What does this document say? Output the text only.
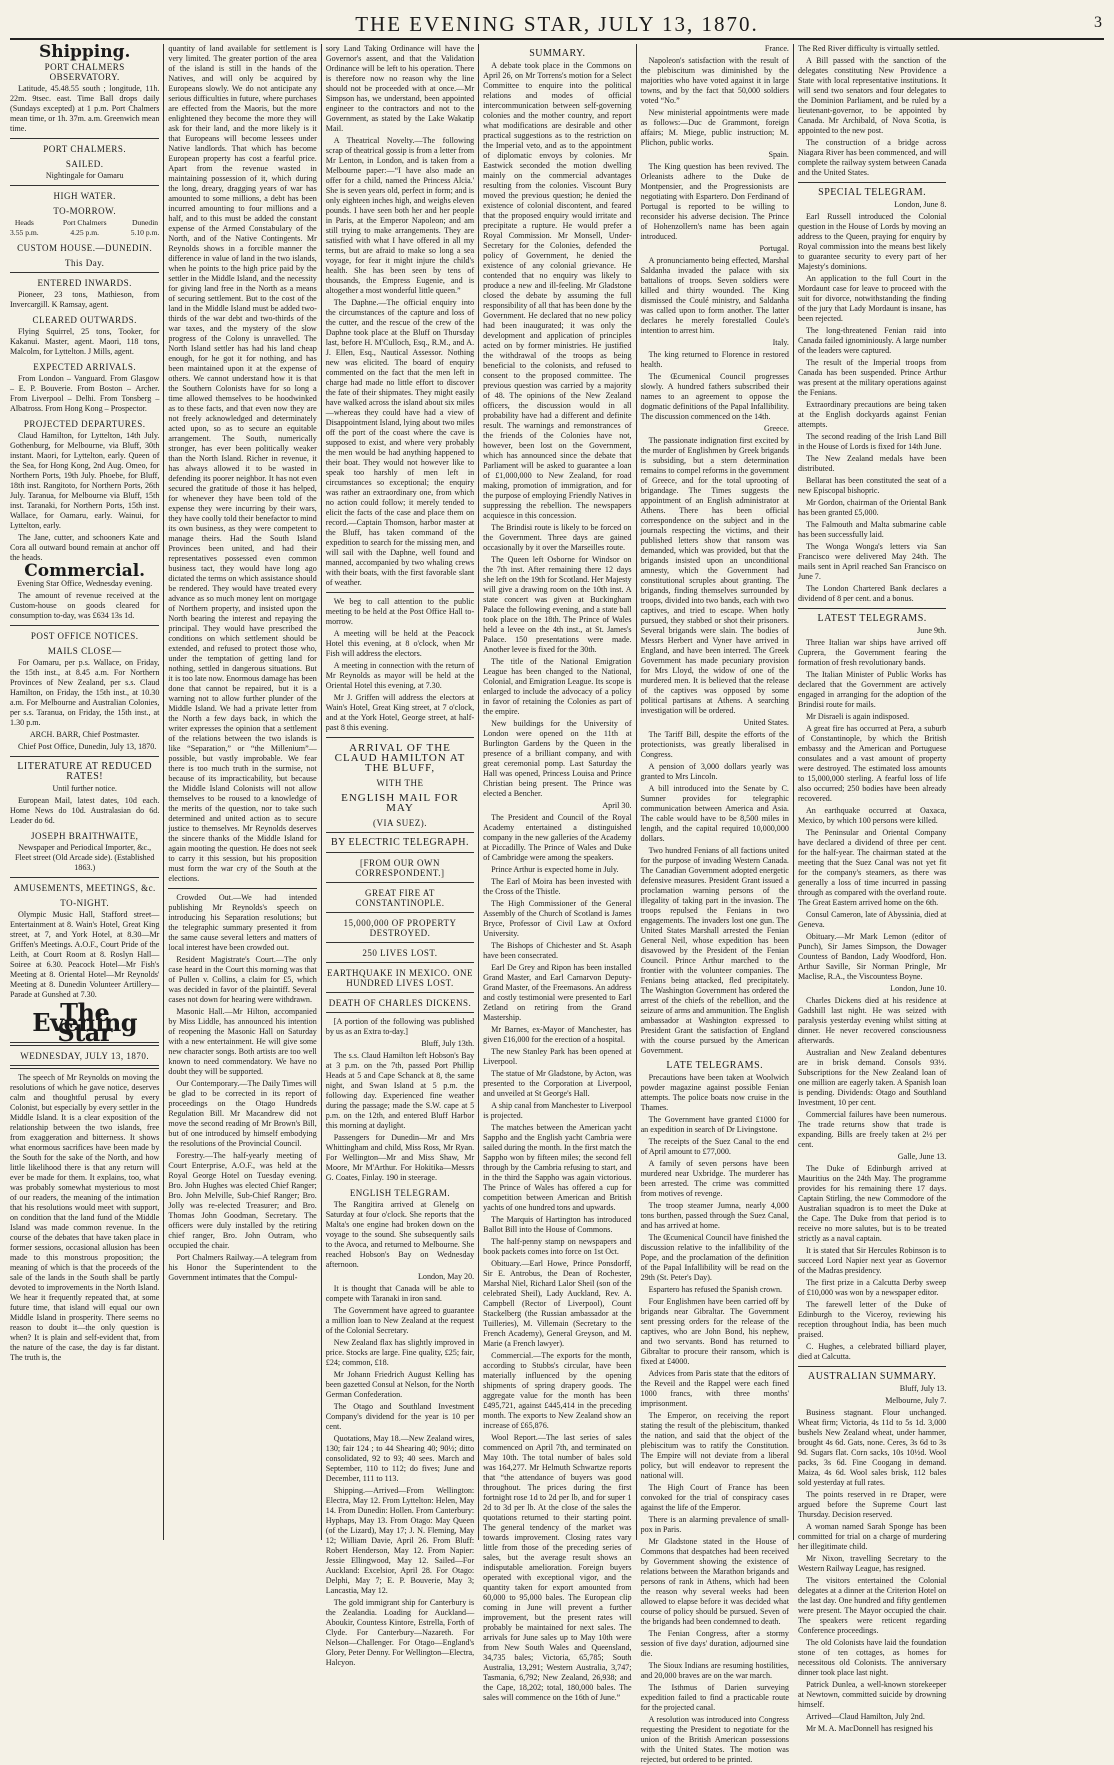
THE EVENING STAR, JULY 13, 1870.	3
Shipping.
PORT CHALMERS OBSERVATORY.

Latitude, 45.48.55 south ; longitude, 11h. 22m. 9tsec. east. Time Ball drops daily (Sundays excepted) at 1 p.m. Port Chalmers mean time, or 1h. 37m. a.m. Greenwich mean time.

PORT CHALMERS.
SAILED.

Nightingale for Oamaru

HIGH WATER.
TO-MORROW.
Heads
3.55 p.m.
Port Chalmers
4.25 p.m.
Dunedin
5.10 p.m.
CUSTOM HOUSE.—DUNEDIN.
This Day.
ENTERED INWARDS.

Pioneer, 23 tons, Mathieson, from Invercargill. K Ramsay, agent.

CLEARED OUTWARDS.

Flying Squirrel, 25 tons, Tooker, for Kakanui. Master, agent. Maori, 118 tons, Malcolm, for Lyttelton. J Mills, agent.

EXPECTED ARRIVALS.

From London – Vanguard. From Glasgow – E. P. Bouverie. From Boston – Archer. From Liverpool – Delhi. From Tonsberg – Albatross. From Hong Kong – Prospector.

PROJECTED DEPARTURES.

Claud Hamilton, for Lyttelton, 14th July. Gothenburg, for Melbourne, via Bluff, 30th instant. Maori, for Lyttelton, early. Queen of the Sea, for Hong Kong, 2nd Aug. Omeo, for Northern Ports, 19th July. Phoebe, for Bluff, 18th inst. Rangitoto, for Northern Ports, 26th July. Taranua, for Melbourne via Bluff, 15th inst. Taranaki, for Northern Ports, 15th inst. Wallace, for Oamaru, early. Wainui, for Lyttelton, early.

The Jane, cutter, and schooners Kate and Cora all outward bound remain at anchor off the heads.

Commercial.

Evening Star Office, Wednesday evening.

The amount of revenue received at the Custom-house on goods cleared for consumption to-day, was £634 13s 1d.

POST OFFICE NOTICES.
MAILS CLOSE—

For Oamaru, per p.s. Wallace, on Friday, the 15th inst., at 8.45 a.m. For Northern Provinces of New Zealand, per s.s. Claud Hamilton, on Friday, the 15th inst., at 10.30 a.m. For Melbourne and Australian Colonies, per s.s. Taranua, on Friday, the 15th inst., at 1.30 p.m.

ARCH. BARR, Chief Postmaster.

Chief Post Office, Dunedin, July 13, 1870.

LITERATURE AT REDUCED RATES!

Until further notice.

European Mail, latest dates, 10d each. Home News do 10d. Australasian do 6d. Leader do 6d.

JOSEPH BRAITHWAITE,

Newspaper and Periodical Importer, &c., Fleet street (Old Arcade side). (Established 1863.)

AMUSEMENTS, MEETINGS, &c.
TO-NIGHT.

Olympic Music Hall, Stafford street—Entertainment at 8. Wain's Hotel, Great King street, at 7, and York Hotel, at 8.30—Mr Griffen's Meetings. A.O.F., Court Pride of the Leith, at Court Room at 8. Roslyn Hall—Soiree at 6.30. Peacock Hotel—Mr Fish's Meeting at 8. Oriental Hotel—Mr Reynolds' Meeting at 8. Dunedin Volunteer Artillery—Parade at Gunshed at 7.30.

The Evening Star
WEDNESDAY, JULY 13, 1870.

The speech of Mr Reynolds on moving the resolutions of which he gave notice, deserves calm and thoughtful perusal by every Colonist, but especially by every settler in the Middle Island. It is a clear exposition of the relationship between the two islands, free from exaggeration and bitterness. It shows what enormous sacrifices have been made by the South for the sake of the North, and how little likelihood there is that any return will ever be made for them. It explains, too, what was probably somewhat mysterious to most of our readers, the meaning of the intimation that his resolutions would meet with support, on condition that the land fund of the Middle Island was made common revenue. In the course of the debates that have taken place in former sessions, occasional allusion has been made to this monstrous proposition; the meaning of which is that the proceeds of the sale of the lands in the South shall be partly devoted to improvements in the North Island. We hear it frequently repeated that, at some future time, that island will equal our own Middle Island in prosperity. There seems no reason to doubt it—the only question is when? It is plain and self-evident that, from the nature of the case, the day is far distant. The truth is, the

quantity of land available for settlement is very limited. The greater portion of the area of the island is still in the hands of the Natives, and will only be acquired by Europeans slowly. We do not anticipate any serious difficulties in future, where purchases are effected from the Maoris, but the more enlightened they become the more they will ask for their land, and the more likely is it that Europeans will become lessees under Native landlords. That which has become European property has cost a fearful price. Apart from the revenue wasted in maintaining possession of it, which during the long, dreary, dragging years of war has amounted to some millions, a debt has been incurred amounting to four millions and a half, and to this must be added the constant expense of the Armed Constabulary of the North, and of the Native Contingents. Mr Reynolds shows in a forcible manner the difference in value of land in the two islands, when he points to the high price paid by the settler in the Middle Island, and the necessity for giving land free in the North as a means of securing settlement. But to the cost of the land in the Middle Island must be added two-thirds of the war debt and two-thirds of the war taxes, and the mystery of the slow progress of the Colony is unravelled. The North Island settler has had his land cheap enough, for he got it for nothing, and has been maintained upon it at the expense of others. We cannot understand how it is that the Southern Colonists have for so long a time allowed themselves to be hoodwinked as to these facts, and that even now they are not freely acknowledged and determinately acted upon, so as to secure an equitable arrangement. The South, numerically stronger, has ever been politically weaker than the North Island. Richer in revenue, it has always allowed it to be wasted in defending its poorer neighbor. It has not even secured the gratitude of those it has helped, for whenever they have been told of the expense they were incurring by their wars, they have coolly told their benefactor to mind its own business, as they were competent to manage theirs. Had the South Island Provinces been united, and had their representatives possessed even common business tact, they would have long ago dictated the terms on which assistance should be rendered. They would have treated every advance as so much money lent on mortgage of Northern property, and insisted upon the North bearing the interest and repaying the principal. They would have prescribed the conditions on which settlement should be extended, and refused to protect those who, under the temptation of getting land for nothing, settled in dangerous situations. But it is too late now. Enormous damage has been done that cannot be repaired, but it is a warning not to allow further plunder of the Middle Island. We had a private letter from the North a few days back, in which the writer expresses the opinion that a settlement of the relations between the two islands is like “Separation,” or “the Millenium”—possible, but vastly improbable. We fear there is too much truth in the surmise, not because of its impracticability, but because the Middle Island Colonists will not allow themselves to be roused to a knowledge of the merits of the question, nor to take such determined and united action as to secure justice to themselves. Mr Reynolds deserves the sincere thanks of the Middle Island for again mooting the question. He does not seek to carry it this session, but his proposition must form the war cry of the South at the elections.

Crowded Out.—We had intended publishing Mr Reynolds's speech on introducing his Separation resolutions; but the telegraphic summary presented it from the same cause several letters and matters of local interest have been crowded out.

Resident Magistrate's Court.—The only case heard in the Court this morning was that of Pullen v. Collins, a claim for £5, which was decided in favor of the plaintiff. Several cases not down for hearing were withdrawn.

Masonic Hall.—Mr Hilton, accompanied by Miss Liddle, has announced his intention of reopening the Masonic Hall on Saturday with a new entertainment. He will give some new character songs. Both artists are too well known to need commendatory. We have no doubt they will be supported.

Our Contemporary.—The Daily Times will be glad to be corrected in its report of proceedings on the Otago Hundreds Regulation Bill. Mr Macandrew did not move the second reading of Mr Brown's Bill, but of one introduced by himself embodying the resolutions of the Provincial Council.

Forestry.—The half-yearly meeting of Court Enterprise, A.O.F., was held at the Royal George Hotel on Tuesday evening. Bro. John Hughes was elected Chief Ranger; Bro. John Melville, Sub-Chief Ranger; Bro. Jolly was re-elected Treasurer; and Bro. Thomas John Goodman, Secretary. The officers were duly installed by the retiring chief ranger, Bro. John Outram, who occupied the chair.

Port Chalmers Railway.—A telegram from his Honor the Superintendent to the Government intimates that the Compul-

sory Land Taking Ordinance will have the Governor's assent, and that the Validation Ordinance will be left to his operation. There is therefore now no reason why the line should not be proceeded with at once.—Mr Simpson has, we understand, been appointed engineer to the contractors and not to the Government, as stated by the Lake Wakatip Mail.

A Theatrical Novelty.—The following scrap of theatrical gossip is from a letter from Mr Lenton, in London, and is taken from a Melbourne paper:—“I have also made an offer for a child, named the Princess Alcia.' She is seven years old, perfect in form; and is only eighteen inches high, and weighs eleven pounds. I have seen both her and her people in Paris, at the Emperor Napoleon; and am still trying to make arrangements. They are satisfied with what I have offered in all my terms, but are afraid to make so long a sea voyage, for fear it might injure the child's health. She has been seen by tens of thousands, the Empress Eugenie, and is altogether a most wonderful little queen.”

The Daphne.—The official enquiry into the circumstances of the capture and loss of the cutter, and the rescue of the crew of the Daphne took place at the Bluff on Thursday last, before H. M'Culloch, Esq., R.M., and A. J. Ellen, Esq., Nautical Assessor. Nothing new was elicited. The board of enquiry commented on the fact that the men left in charge had made no little effort to discover the fate of their shipmates. They might easily have walked across the island about six miles—whereas they could have had a view of Disappointment Island, lying about two miles off the port of the coast where the cave is supposed to exist, and where very probably the men would be had anything happened to their boat. They would not however like to speak too harshly of men left in circumstances so exceptional; the enquiry was rather an extraordinary one, from which no action could follow; it merely tended to elicit the facts of the case and place them on record.—Captain Thomson, harbor master at the Bluff, has taken command of the expedition to search for the missing men, and will sail with the Daphne, well found and manned, accompanied by two whaling crews with their boats, with the first favorable slant of weather.

We beg to call attention to the public meeting to be held at the Post Office Hall to-morrow.

A meeting will be held at the Peacock Hotel this evening, at 8 o'clock, when Mr Fish will address the electors.

A meeting in connection with the return of Mr Reynolds as mayor will be held at the Oriental Hotel this evening, at 7.30.

Mr J. Griffen will address the electors at Wain's Hotel, Great King street, at 7 o'clock, and at the York Hotel, George street, at half-past 8 this evening.

ARRIVAL OF THE CLAUD HAMILTON AT THE BLUFF,
WITH THE
ENGLISH MAIL FOR MAY
(VIA SUEZ).
BY ELECTRIC TELEGRAPH.
[FROM OUR OWN CORRESPONDENT.]
GREAT FIRE AT CONSTANTINOPLE.
15,000,000 OF PROPERTY DESTROYED.
250 LIVES LOST.
EARTHQUAKE IN MEXICO. ONE HUNDRED LIVES LOST.
DEATH OF CHARLES DICKENS.

[A portion of the following was published by us as an Extra to-day.]

Bluff, July 13th.

The s.s. Claud Hamilton left Hobson's Bay at 3 p.m. on the 7th, passed Port Phillip Heads at 5 and Cape Schanck at 8, the same night, and Swan Island at 5 p.m. the following day. Experienced fine weather during the passage; made the S.W. cape at 5 p.m. on the 12th, and entered Bluff Harbor this morning at daylight.

Passengers for Dunedin—Mr and Mrs Whittingham and child, Miss Ross, Mr Ryan. For Wellington—Mr and Miss Shaw, Mr Moore, Mr M'Arthur. For Hokitika—Messrs G. Coates, Finlay. 190 in steerage.

ENGLISH TELEGRAM.

The Rangitira arrived at Glenelg on Saturday at four o'clock. She reports that the Malta's one engine had broken down on the voyage to the sound. She subsequently sails to the Avoca, and returned to Melbourne. She reached Hobson's Bay on Wednesday afternoon.

London, May 20.

It is thought that Canada will be able to compete with Taranaki in iron sand.

The Government have agreed to guarantee a million loan to New Zealand at the request of the Colonial Secretary.

New Zealand flax has slightly improved in price. Stocks are large. Fine quality, £25; fair, £24; common, £18.

Mr Johann Friedrich August Kelling has been gazetted Consul at Nelson, for the North German Confederation.

The Otago and Southland Investment Company's dividend for the year is 10 per cent.

Quotations, May 18.—New Zealand wires, 130; fair 124 ; to 44 Shearing 40; 90½; ditto consolidated, 92 to 93; 40 sees. March and September, 110 to 112; do fives; June and December, 111 to 113.

Shipping.—Arrived—From Wellington: Electra, May 12. From Lyttelton: Helen, May 14. From Dunedin: Hollen. From Canterbury: Hyphaps, May 13. From Otago: May Queen (of the Lizard), May 17; J. N. Fleming, May 12; William Davie, April 26. From Bluff: Robert Henderson, May 12. From Napier: Jessie Ellingwood, May 12. Sailed—For Auckland: Excelsior, April 28. For Otago: Delphi, May 7; E. P. Bouverie, May 3; Lancastia, May 12.

The gold immigrant ship for Canterbury is the Zealandia. Loading for Auckland—Aboukir, Countess Kintore, Estrella, Forth of Clyde. For Canterbury—Nazareth. For Nelson—Challenger. For Otago—England's Glory, Peter Denny. For Wellington—Electra, Halcyon.

SUMMARY.

A debate took place in the Commons on April 26, on Mr Torrens's motion for a Select Committee to enquire into the political relations and modes of official intercommunication between self-governing colonies and the mother country, and report what modifications are desirable and other practical suggestions as to the restriction on the Imperial veto, and as to the appointment of diplomatic envoys by colonies. Mr Eastwick seconded the motion dwelling mainly on the commercial advantages resulting from the colonies. Viscount Bury moved the previous question; he denied the existence of colonial discontent, and feared that the proposed enquiry would irritate and precipitate a rupture. He would prefer a Royal Commission. Mr Monsell, Under-Secretary for the Colonies, defended the policy of Government, he denied the existence of any colonial grievance. He contended that no enquiry was likely to produce a new and ill-feeling. Mr Gladstone closed the debate by assuming the full responsibility of all that has been done by the Government. He declared that no new policy had been inaugurated; it was only the development and application of principles acted on by former ministries. He justified the withdrawal of the troops as being beneficial to the colonists, and refused to consent to the proposed committee. The previous question was carried by a majority of 48. The opinions of the New Zealand officers, the discussion would in all probability have had a different and definite result. The warnings and remonstrances of the friends of the Colonies have not, however, been lost on the Government, which has announced since the debate that Parliament will be asked to guarantee a loan of £1,000,000 to New Zealand, for road making, promotion of immigration, and for the purpose of employing Friendly Natives in suppressing the rebellion. The newspapers acquiesce in this concession.

The Brindisi route is likely to be forced on the Government. Three days are gained occasionally by it over the Marseilles route.

The Queen left Osborne for Windsor on the 7th inst. After remaining there 12 days she left on the 19th for Scotland. Her Majesty will give a drawing room on the 10th inst. A state concert was given at Buckingham Palace the following evening, and a state ball took place on the 18th. The Prince of Wales held a levee on the 4th inst., at St. James's Palace. 150 presentations were made. Another levee is fixed for the 30th.

The title of the National Emigration League has been changed to the National, Colonial, and Emigration League. Its scope is enlarged to include the advocacy of a policy in favor of retaining the Colonies as part of the empire.

New buildings for the University of London were opened on the 11th at Burlington Gardens by the Queen in the presence of a brilliant company, and with great ceremonial pomp. Last Saturday the Hall was opened, Princess Louisa and Prince Christian being present. The Prince was elected a Bencher.

April 30.

The President and Council of the Royal Academy entertained a distinguished company in the new galleries of the Academy at Piccadilly. The Prince of Wales and Duke of Cambridge were among the speakers.

Prince Arthur is expected home in July.

The Earl of Moira has been invested with the Cross of the Thistle.

The High Commissioner of the General Assembly of the Church of Scotland is James Bryce, Professor of Civil Law at Oxford University.

The Bishops of Chichester and St. Asaph have been consecrated.

Earl De Grey and Ripon has been installed Grand Master, and Earl Carnarvon Deputy-Grand Master, of the Freemasons. An address and costly testimonial were presented to Earl Zetland on retiring from the Grand Mastership.

Mr Barnes, ex-Mayor of Manchester, has given £16,000 for the erection of a hospital.

The new Stanley Park has been opened at Liverpool.

The statue of Mr Gladstone, by Acton, was presented to the Corporation at Liverpool, and unveiled at St George's Hall.

A ship canal from Manchester to Liverpool is projected.

The matches between the American yacht Sappho and the English yacht Cambria were sailed during the month. In the first match the Sappho won by fifteen miles; the second fell through by the Cambria refusing to start, and in the third the Sappho was again victorious. The Prince of Wales has offered a cup for competition between American and British yachts of one hundred tons and upwards.

The Marquis of Hartington has introduced Ballot Bill into the House of Commons.

The half-penny stamp on newspapers and book packets comes into force on 1st Oct.

Obituary.—Earl Howe, Prince Ponsdorff, Sir E. Antrobus, the Dean of Rochester, Marshal Niel, Richard Lalor Sheil (son of the celebrated Sheil), Lady Auckland, Rev. A. Campbell (Rector of Liverpool), Count Stackelberg (the Russian ambassador at the Tuilleries), M. Villemain (Secretary to the French Academy), General Greyson, and M. Marie (a French lawyer).

Commercial.—The exports for the month, according to Stubbs's circular, have been materially influenced by the opening shipments of spring drapery goods. The aggregate value for the month has been £495,721, against £445,414 in the preceding month. The exports to New Zealand show an increase of £65,876.

Wool Report.—The last series of sales commenced on April 7th, and terminated on May 10th. The total number of bales sold was 164,277. Mr Helmuth Schwartze reports that “the attendance of buyers was good throughout. The prices during the first fortnight rose 1d to 2d per lb, and for super 1 2d to 3d per lb. At the close of the sales the quotations returned to their starting point. The general tendency of the market was towards improvement. Closing rates vary little from those of the preceding series of sales, but the average result shows an indisputable amelioration. Foreign buyers operated with exceptional vigor, and the quantity taken for export amounted from 60,000 to 95,000 bales. The European clip coming in June will prevent a further improvement, but the present rates will probably be maintained for next sales. The arrivals for June sales up to May 10th were from New South Wales and Queensland, 34,735 bales; Victoria, 65,785; South Australia, 13,291; Western Australia, 3,747; Tasmania, 6,792; New Zealand, 26,938; and the Cape, 18,202; total, 180,000 bales. The sales will commence on the 16th of June.”

France.

Napoleon's satisfaction with the result of the plebiscitum was diminished by the majorities who have voted against it in large towns, and by the fact that 50,000 soldiers voted “No.”

New ministerial appointments were made as follows:—Duc de Grammont, foreign affairs; M. Miege, public instruction; M. Plichon, public works.

Spain.

The King question has been revived. The Orleanists adhere to the Duke de Montpensier, and the Progressionists are negotiating with Espartero. Don Ferdinand of Portugal is reported to be willing to reconsider his adverse decision. The Prince of Hohenzollern's name has been again introduced.

Portugal.

A pronunciamento being effected, Marshal Saldanha invaded the palace with six battalions of troops. Seven soldiers were killed and thirty wounded. The King dismissed the Coulé ministry, and Saldanha was called upon to form another. The latter declares he merely forestalled Coule's intention to arrest him.

Italy.

The king returned to Florence in restored health.

The Œcumenical Council progresses slowly. A hundred fathers subscribed their names to an agreement to oppose the dogmatic definitions of the Papal Infallibility. The discussion commenced on the 14th.

Greece.

The passionate indignation first excited by the murder of Englishmen by Greek brigands is subsiding, but a stern determination remains to compel reforms in the government of Greece, and for the total uprooting of brigandage. The Times suggests the appointment of an English administrator at Athens. There has been official correspondence on the subject and in the journals respecting the victims, and their published letters show that ransom was demanded, which was provided, but that the brigands insisted upon an unconditional amnesty, which the Government had constitutional scruples about granting. The brigands, finding themselves surrounded by troops, divided into two bands, each with two captives, and tried to escape. When hotly pursued, they stabbed or shot their prisoners. Several brigands were slain. The bodies of Messrs Herbert and Vyner have arrived in England, and have been interred. The Greek Government has made pecuniary provision for Mrs Lloyd, the widow of one of the murdered men. It is believed that the release of the captives was opposed by some political partisans at Athens. A searching investigation will be ordered.

United States.

The Tariff Bill, despite the efforts of the protectionists, was greatly liberalised in Congress.

A pension of 3,000 dollars yearly was granted to Mrs Lincoln.

A bill introduced into the Senate by C. Sumner provides for telegraphic communication between America and Asia. The cable would have to be 8,500 miles in length, and the capital required 10,000,000 dollars.

Two hundred Fenians of all factions united for the purpose of invading Western Canada. The Canadian Government adopted energetic defensive measures. President Grant issued a proclamation warning persons of the illegality of taking part in the invasion. The troops repulsed the Fenians in two engagements. The invaders lost one gun. The United States Marshall arrested the Fenian General Neil, whose expedition has been disavowed by the President of the Fenian Council. Prince Arthur marched to the frontier with the volunteer companies. The Fenians being attacked, fled precipitately. The Washington Government has ordered the arrest of the chiefs of the rebellion, and the seizure of arms and ammunition. The English ambassador at Washington expressed to President Grant the satisfaction of England with the course pursued by the American Government.

LATE TELEGRAMS.

Precautions have been taken at Woolwich powder magazine against possible Fenian attempts. The police boats now cruise in the Thames.

The Government have granted £1000 for an expedition in search of Dr Livingstone.

The receipts of the Suez Canal to the end of April amount to £77,000.

A family of seven persons have been murdered near Uxbridge. The murderer has been arrested. The crime was committed from motives of revenge.

The troop steamer Jumna, nearly 4,000 tons burthen, passed through the Suez Canal, and has arrived at home.

The Œcumenical Council have finished the discussion relative to the infallibility of the Pope, and the proclamation of the definition of the Papal Infallibility will be read on the 29th (St. Peter's Day).

Espartero has refused the Spanish crown.

Four Englishmen have been carried off by brigands near Gibraltar. The Government sent pressing orders for the release of the captives, who are John Bond, his nephew, and two servants. Bond has returned to Gibraltar to procure their ransom, which is fixed at £4000.

Advices from Paris state that the editors of the Reveil and the Rappel were each fined 1000 francs, with three months' imprisonment.

The Emperor, on receiving the report stating the result of the plebiscitum, thanked the nation, and said that the object of the plebiscitum was to ratify the Constitution. The Empire will not deviate from a liberal policy, but will endeavor to represent the national will.

The High Court of France has been convoked for the trial of conspiracy cases against the life of the Emperor.

There is an alarming prevalence of small-pox in Paris.

Mr Gladstone stated in the House of Commons that despatches had been received by Government showing the existence of relations between the Marathon brigands and persons of rank in Athens, which had been the reason why several weeks had been allowed to elapse before it was decided what course of policy should be pursued. Seven of the brigands had been condemned to death.

The Fenian Congress, after a stormy session of five days' duration, adjourned sine die.

The Sioux Indians are resuming hostilities, and 20,000 braves are on the war march.

The Isthmus of Darien surveying expedition failed to find a practicable route for the projected canal.

A resolution was introduced into Congress requesting the President to negotiate for the union of the British American possessions with the United States. The motion was rejected, but ordered to be printed.

The Red River difficulty is virtually settled.

A Bill passed with the sanction of the delegates constituting New Providence a State with local representative institutions. It will send two senators and four delegates to the Dominion Parliament, and be ruled by a lieutenant-governor, to be appointed by Canada. Mr Archibald, of Nova Scotia, is appointed to the new post.

The construction of a bridge across Niagara River has been commenced, and will complete the railway system between Canada and the United States.

SPECIAL TELEGRAM.

London, June 8.

Earl Russell introduced the Colonial question in the House of Lords by moving an address to the Queen, praying for enquiry by Royal commission into the means best likely to guarantee security to every part of her Majesty's dominions.

An application to the full Court in the Mordaunt case for leave to proceed with the suit for divorce, notwithstanding the finding of the jury that Lady Mordaunt is insane, has been rejected.

The long-threatened Fenian raid into Canada failed ignominiously. A large number of the leaders were captured.

The result of the Imperial troops from Canada has been suspended. Prince Arthur was present at the military operations against the Fenians.

Extraordinary precautions are being taken at the English dockyards against Fenian attempts.

The second reading of the Irish Land Bill in the House of Lords is fixed for 14th June.

The New Zealand medals have been distributed.

Bellarat has been constituted the seat of a new Episcopal bishopric.

Mr Gordon, chairman of the Oriental Bank has been granted £5,000.

The Falmouth and Malta submarine cable has been successfully laid.

The Wonga Wonga's letters via San Francisco were delivered May 24th. The mails sent in April reached San Francisco on June 7.

The London Chartered Bank declares a dividend of 8 per cent. and a bonus.

LATEST TELEGRAMS.

June 9th.

Three Italian war ships have arrived off Cuprera, the Government fearing the formation of fresh revolutionary bands.

The Italian Minister of Public Works has declared that the Government are actively engaged in arranging for the adoption of the Brindisi route for mails.

Mr Disraeli is again indisposed.

A great fire has occurred at Pera, a suburb of Constantinople, by which the British embassy and the American and Portuguese consulates and a vast amount of property were destroyed. The estimated loss amounts to 15,000,000 sterling. A fearful loss of life also occurred; 250 bodies have been already recovered.

An earthquake occurred at Oaxaca, Mexico, by which 100 persons were killed.

The Peninsular and Oriental Company have declared a dividend of three per cent. for the half-year. The chairman stated at the meeting that the Suez Canal was not yet fit for the company's steamers, as there was generally a loss of time incurred in passing through as compared with the overland route. The Great Eastern arrived home on the 6th.

Consul Cameron, late of Abyssinia, died at Geneva.

Obituary.—Mr Mark Lemon (editor of Punch), Sir James Simpson, the Dowager Countess of Bandon, Lady Woodford, Hon. Arthur Saville, Sir Norman Pringle, Mr Maclise, R.A., the Viscountess Boyne.

London, June 10.

Charles Dickens died at his residence at Gadshill last night. He was seized with paralysis yesterday evening whilst sitting at dinner. He never recovered consciousness afterwards.

Australian and New Zealand debentures are in brisk demand. Consols 93½. Subscriptions for the New Zealand loan of one million are eagerly taken. A Spanish loan is pending. Dividends: Otago and Southland Investment, 10 per cent.

Commercial failures have been numerous. The trade returns show that trade is expanding. Bills are freely taken at 2½ per cent.

Galle, June 13.

The Duke of Edinburgh arrived at Mauritius on the 24th May. The programme provides for his remaining there 17 days. Captain Stirling, the new Commodore of the Australian squadron is to meet the Duke at the Cape. The Duke from that period is to receive no more salutes, but is to be treated strictly as a naval captain.

It is stated that Sir Hercules Robinson is to succeed Lord Napier next year as Governor of the Madras presidency.

The first prize in a Calcutta Derby sweep of £10,000 was won by a newspaper editor.

The farewell letter of the Duke of Edinburgh to the Viceroy, reviewing his reception throughout India, has been much praised.

C. Hughes, a celebrated billiard player, died at Calcutta.

AUSTRALIAN SUMMARY.

Bluff, July 13.

Melbourne, July 7.

Business stagnant. Flour unchanged. Wheat firm; Victoria, 4s 11d to 5s 1d. 3,000 bushels New Zealand wheat, under hammer, brought 4s 6d. Gats, none. Ceres, 3s 6d to 3s 9d. Sugars flat. Corn sacks, 10s 10½d. Wool packs, 3s 6d. Fine Coogang in demand. Maiza, 4s 6d. Wool sales brisk, 112 bales sold yesterday at full rates.

The points reserved in re Draper, were argued before the Supreme Court last Thursday. Decision reserved.

A woman named Sarah Sponge has been committed for trial on a charge of murdering her illegitimate child.

Mr Nixon, travelling Secretary to the Western Railway League, has resigned.

The visitors entertained the Colonial delegates at a dinner at the Criterion Hotel on the last day. One hundred and fifty gentlemen were present. The Mayor occupied the chair. The speakers were reticent regarding Conference proceedings.

The old Colonists have laid the foundation stone of ten cottages, as homes for necessitous old Colonists. The anniversary dinner took place last night.

Patrick Dunlea, a well-known storekeeper at Newtown, committed suicide by drowning himself.

Arrived—Claud Hamilton, July 2nd.

Mr M. A. MacDonnell has resigned his
